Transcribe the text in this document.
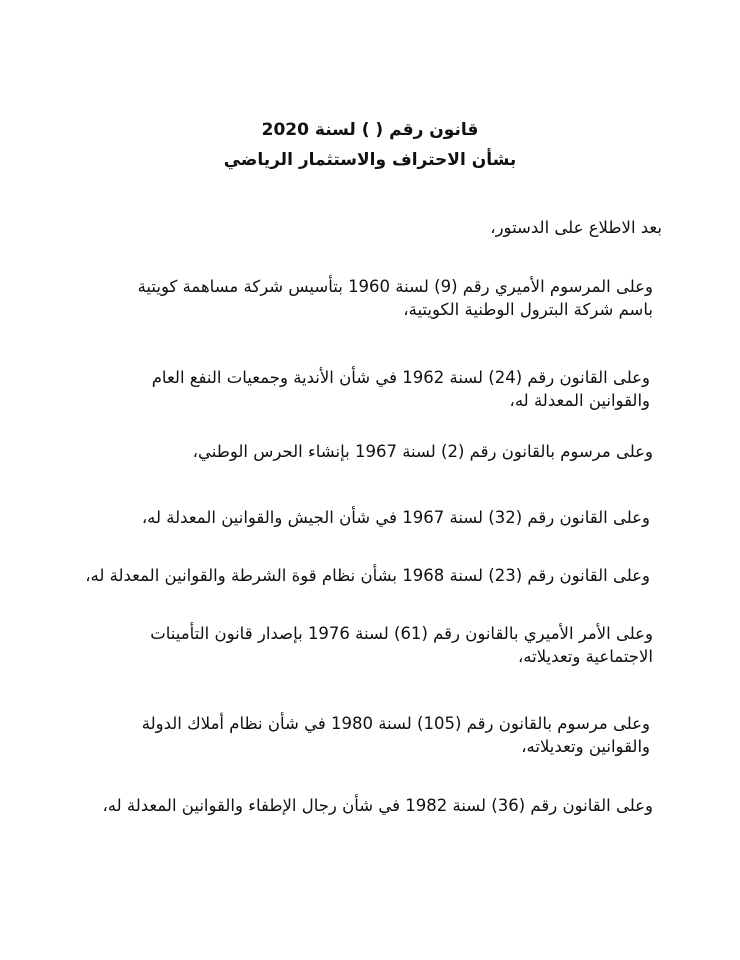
قانون رقم ( ) لسنة 2020
بشأن الاحتراف والاستثمار الرياضي
بعد الاطلاع على الدستور،
وعلى المرسوم الأميري رقم (9) لسنة 1960 بتأسيس شركة مساهمة كويتية
باسم شركة البترول الوطنية الكويتية،
وعلى القانون رقم (24) لسنة 1962 في شأن الأندية وجمعيات النفع العام
والقوانين المعدلة له،
وعلى مرسوم بالقانون رقم (2) لسنة 1967 بإنشاء الحرس الوطني،
وعلى القانون رقم (32) لسنة 1967 في شأن الجيش والقوانين المعدلة له،
وعلى القانون رقم (23) لسنة 1968 بشأن نظام قوة الشرطة والقوانين المعدلة له،
وعلى الأمر الأميري بالقانون رقم (61) لسنة 1976 بإصدار قانون التأمينات
الاجتماعية وتعديلاته،
وعلى مرسوم بالقانون رقم (105) لسنة 1980 في شأن نظام أملاك الدولة
والقوانين وتعديلاته،
وعلى القانون رقم (36) لسنة 1982 في شأن رجال الإطفاء والقوانين المعدلة له،
